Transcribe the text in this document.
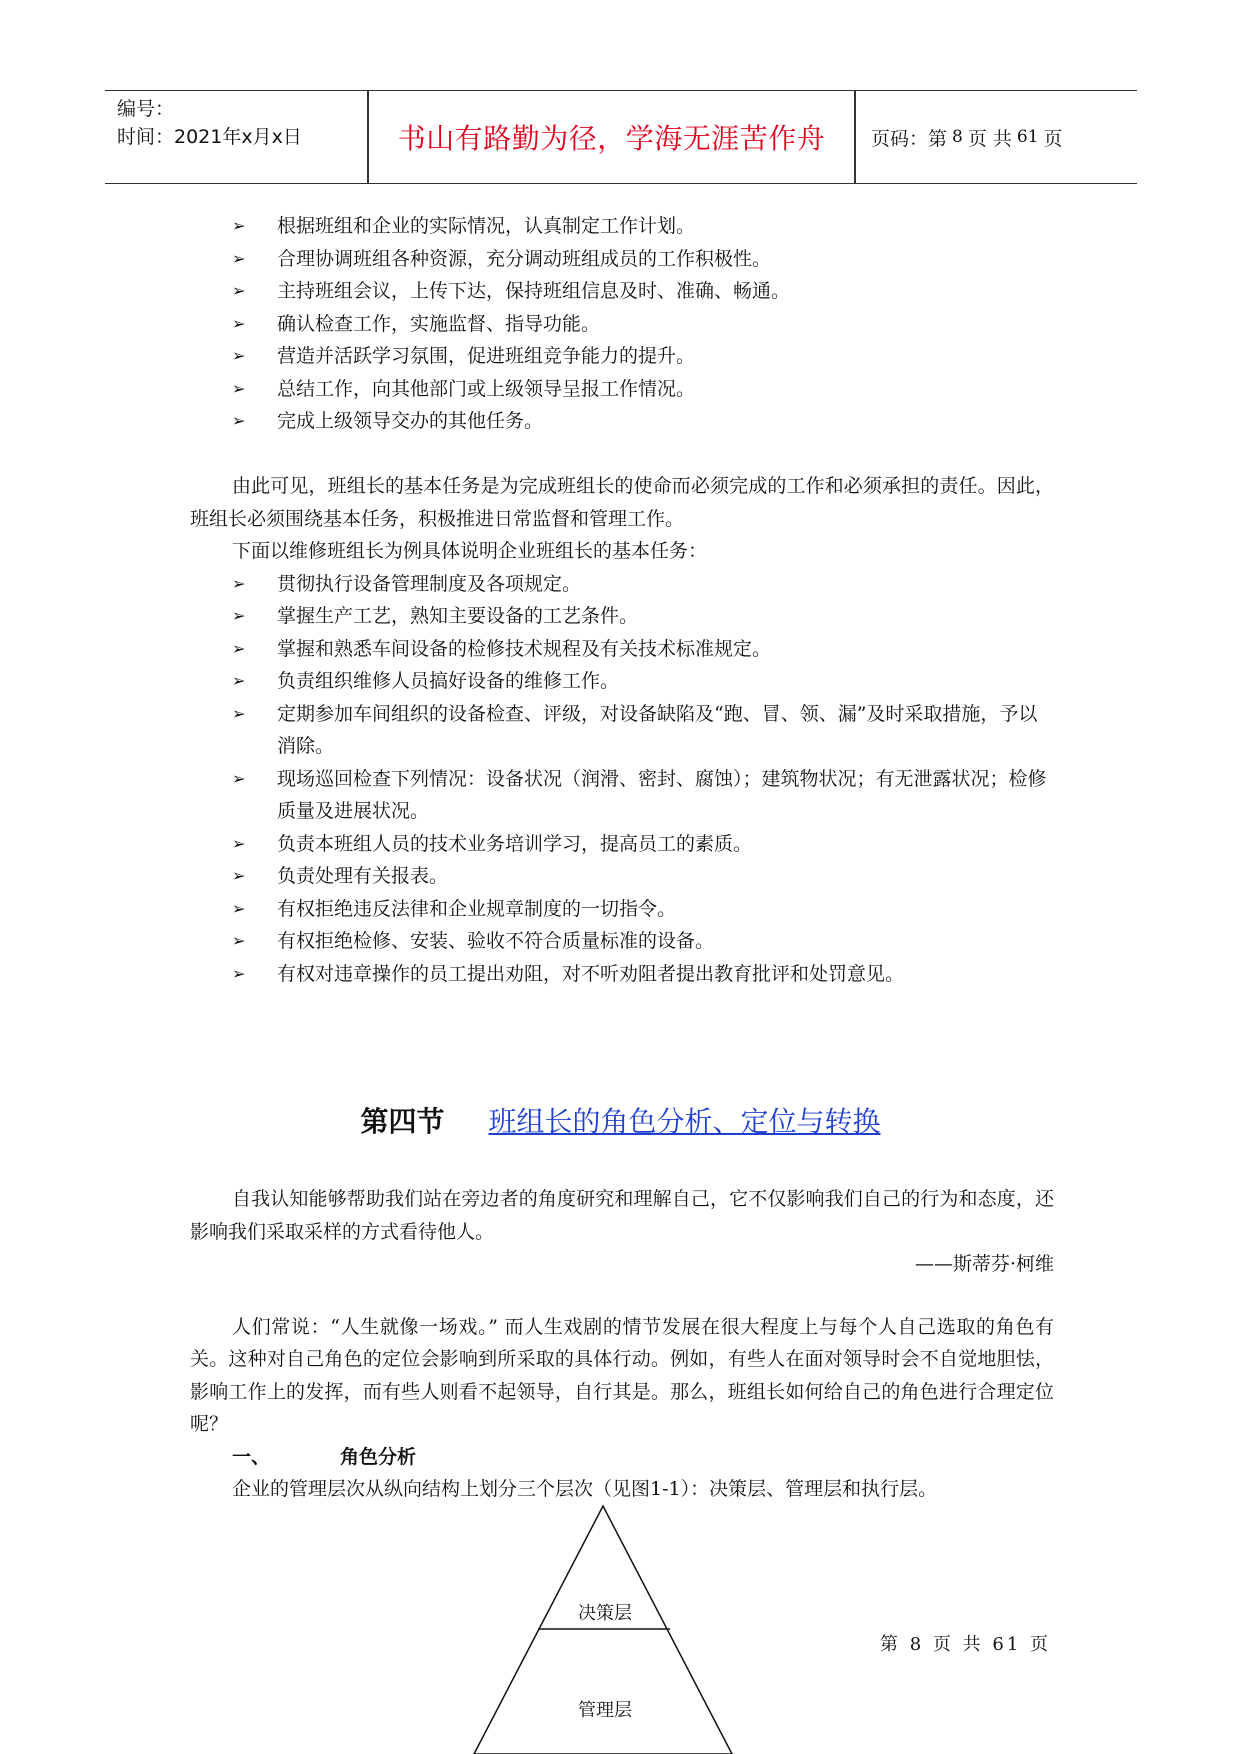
编号：
时间：2021年x月x日	书山有路勤为径，学海无涯苦作舟	页码：第 8 页 共 61 页
➢ 根据班组和企业的实际情况，认真制定工作计划。
➢ 合理协调班组各种资源，充分调动班组成员的工作积极性。
➢ 主持班组会议，上传下达，保持班组信息及时、准确、畅通。
➢ 确认检查工作，实施监督、指导功能。
➢ 营造并活跃学习氛围，促进班组竞争能力的提升。
➢ 总结工作，向其他部门或上级领导呈报工作情况。
➢ 完成上级领导交办的其他任务。

由此可见，班组长的基本任务是为完成班组长的使命而必须完成的工作和必须承担的责任。因此，班组长必须围绕基本任务，积极推进日常监督和管理工作。

下面以维修班组长为例具体说明企业班组长的基本任务：

➢ 贯彻执行设备管理制度及各项规定。
➢ 掌握生产工艺，熟知主要设备的工艺条件。
➢ 掌握和熟悉车间设备的检修技术规程及有关技术标准规定。
➢ 负责组织维修人员搞好设备的维修工作。
➢ 定期参加车间组织的设备检查、评级，对设备缺陷及“跑、冒、领、漏”及时采取措施，予以消除。
➢ 现场巡回检查下列情况：设备状况（润滑、密封、腐蚀）；建筑物状况；有无泄露状况；检修质量及进展状况。
➢ 负责本班组人员的技术业务培训学习，提高员工的素质。
➢ 负责处理有关报表。
➢ 有权拒绝违反法律和企业规章制度的一切指令。
➢ 有权拒绝检修、安装、验收不符合质量标准的设备。
➢ 有权对违章操作的员工提出劝阻，对不听劝阻者提出教育批评和处罚意见。
第四节 班组长的角色分析、定位与转换

自我认知能够帮助我们站在旁边者的角度研究和理解自己，它不仅影响我们自己的行为和态度，还影响我们采取采样的方式看待他人。

——斯蒂芬·柯维

人们常说：“人生就像一场戏。” 而人生戏剧的情节发展在很大程度上与每个人自己选取的角色有关。这种对自己角色的定位会影响到所采取的具体行动。例如，有些人在面对领导时会不自觉地胆怯，影响工作上的发挥，而有些人则看不起领导，自行其是。那么，班组长如何给自己的角色进行合理定位呢？

一、	角色分析

企业的管理层次从纵向结构上划分三个层次（见图1-1）：决策层、管理层和执行层。

决策层
管理层
第 8 页 共 61 页
